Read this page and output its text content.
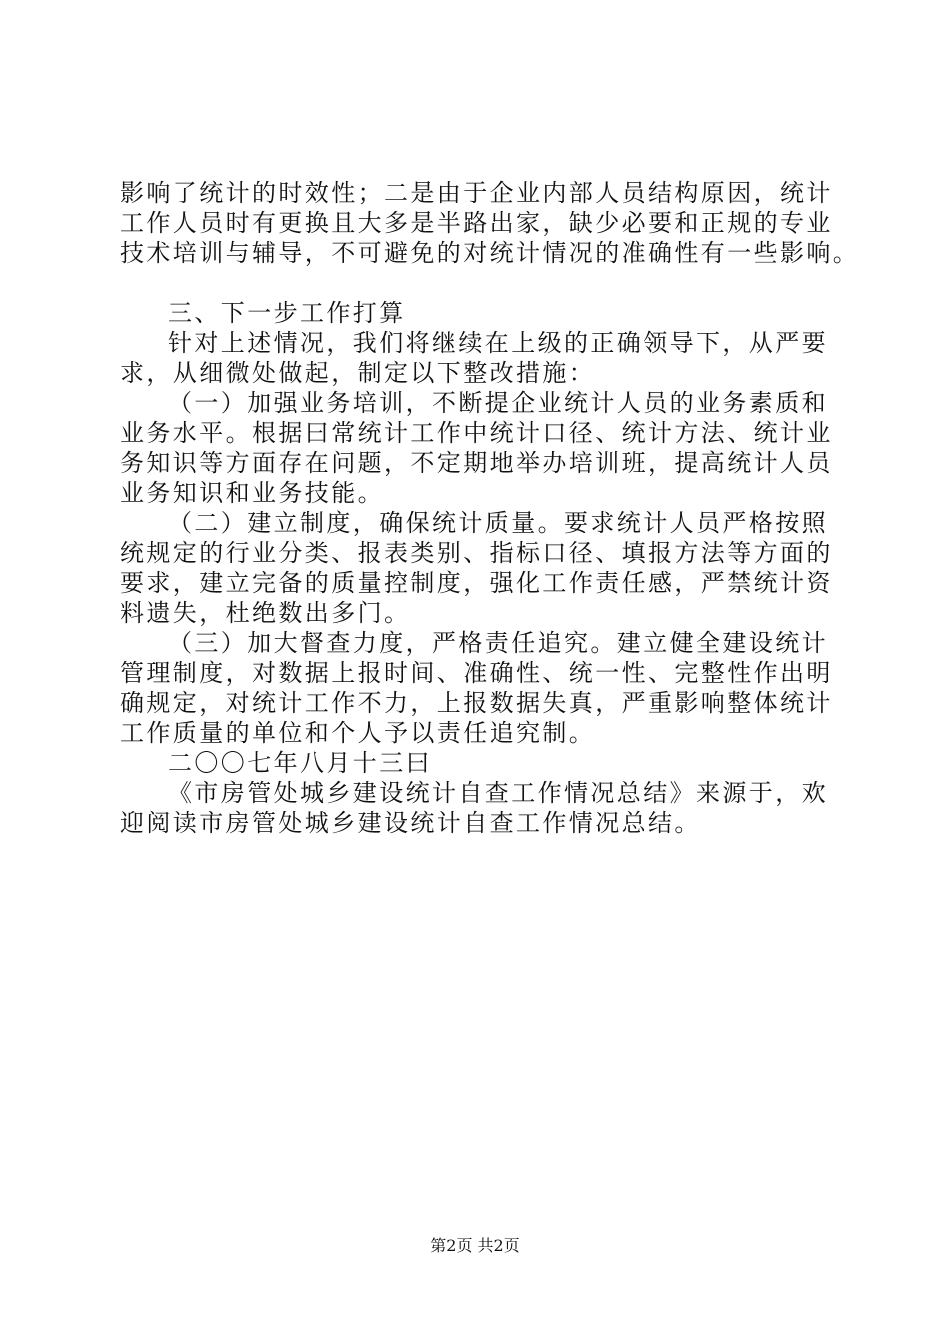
影响了统计的时效性；二是由于企业内部人员结构原因，统计
工作人员时有更换且大多是半路出家，缺少必要和正规的专业
技术培训与辅导，不可避免的对统计情况的准确性有一些影响。
三、下一步工作打算
针对上述情况，我们将继续在上级的正确领导下，从严要
求，从细微处做起，制定以下整改措施：
（一）加强业务培训，不断提企业统计人员的业务素质和
业务水平。根据曰常统计工作中统计口径、统计方法、统计业
务知识等方面存在问题，不定期地举办培训班，提高统计人员
业务知识和业务技能。
（二）建立制度，确保统计质量。要求统计人员严格按照
统规定的行业分类、报表类别、指标口径、填报方法等方面的
要求，建立完备的质量控制度，强化工作责任感，严禁统计资
料遗失，杜绝数出多门。
（三）加大督查力度，严格责任追究。建立健全建设统计
管理制度，对数据上报时间、准确性、统一性、完整性作出明
确规定，对统计工作不力，上报数据失真，严重影响整体统计
工作质量的单位和个人予以责任追究制。
二〇〇七年八月十三曰
《市房管处城乡建设统计自查工作情况总结》来源于，欢
迎阅读市房管处城乡建设统计自查工作情况总结。
第2页 共2页
